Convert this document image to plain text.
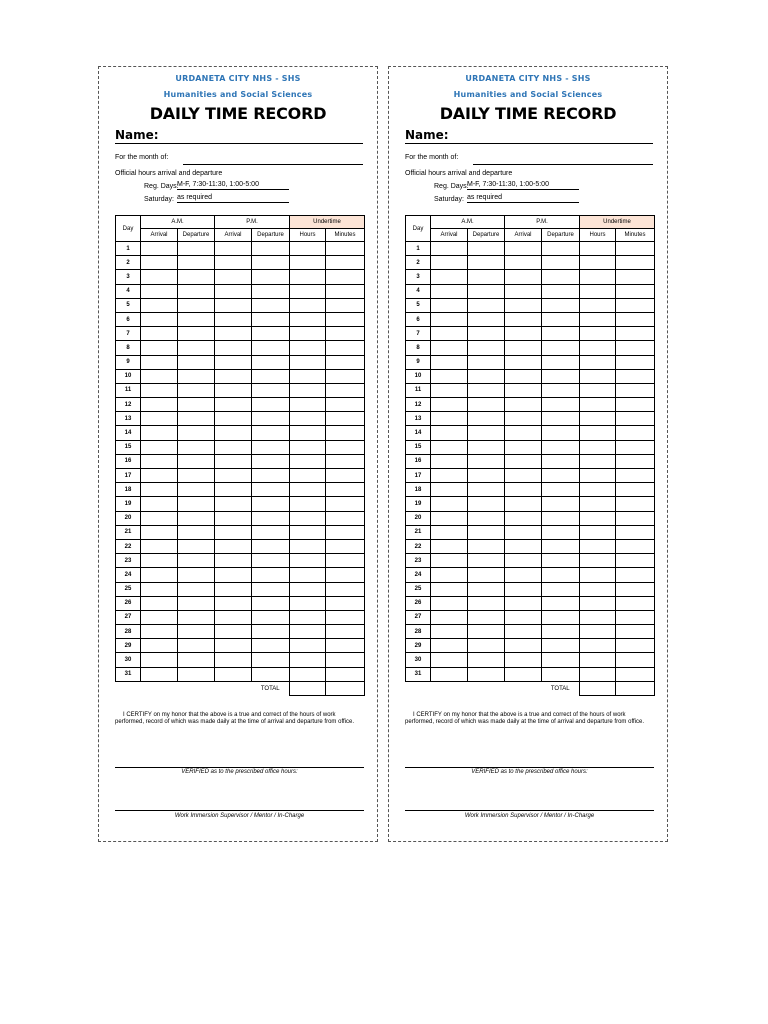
URDANETA CITY NHS - SHS
Humanities and Social Sciences
DAILY TIME RECORD
Name:
For the month of:
Official hours arrival and departure
Reg. Days:
M-F, 7:30-11:30, 1:00-5:00
Saturday: as required
Day	A.M.		P.M.		Undertime	
	Arrival	Departure	Arrival	Departure	Hours	Minutes
1						
2						
3						
4						
5						
6						
7						
8						
9						
10						
11						
12						
13						
14						
15						
16						
17						
18						
19						
20						
21						
22						
23						
24						
25						
26						
27						
28						
29						
30						
31						
				TOTAL		
I CERTIFY on my honor that the above is a true and correct of the hours of work performed, record of which was made daily at the time of arrival and departure from office.
VERIFIED as to the prescribed office hours:
Work Immersion Supervisor / Mentor / In-Charge
URDANETA CITY NHS - SHS
Humanities and Social Sciences
DAILY TIME RECORD
Name:
For the month of:
Official hours arrival and departure
Reg. Days:
M-F, 7:30-11:30, 1:00-5:00
Saturday: as required
Day	A.M.		P.M.		Undertime	
	Arrival	Departure	Arrival	Departure	Hours	Minutes
1						
2						
3						
4						
5						
6						
7						
8						
9						
10						
11						
12						
13						
14						
15						
16						
17						
18						
19						
20						
21						
22						
23						
24						
25						
26						
27						
28						
29						
30						
31						
				TOTAL		
I CERTIFY on my honor that the above is a true and correct of the hours of work performed, record of which was made daily at the time of arrival and departure from office.
VERIFIED as to the prescribed office hours:
Work Immersion Supervisor / Mentor / In-Charge
